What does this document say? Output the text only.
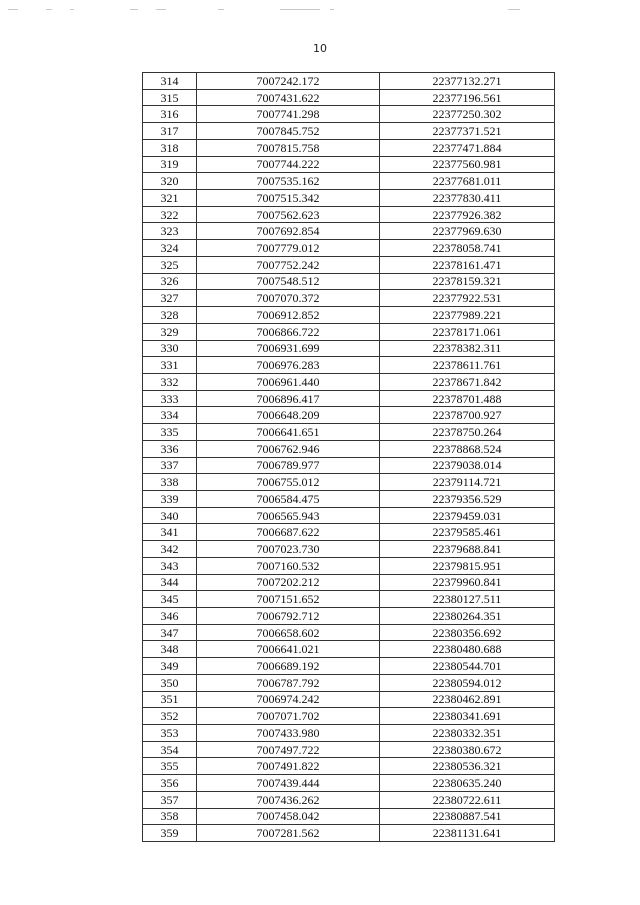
10
314	7007242.172	22377132.271
315	7007431.622	22377196.561
316	7007741.298	22377250.302
317	7007845.752	22377371.521
318	7007815.758	22377471.884
319	7007744.222	22377560.981
320	7007535.162	22377681.011
321	7007515.342	22377830.411
322	7007562.623	22377926.382
323	7007692.854	22377969.630
324	7007779.012	22378058.741
325	7007752.242	22378161.471
326	7007548.512	22378159.321
327	7007070.372	22377922.531
328	7006912.852	22377989.221
329	7006866.722	22378171.061
330	7006931.699	22378382.311
331	7006976.283	22378611.761
332	7006961.440	22378671.842
333	7006896.417	22378701.488
334	7006648.209	22378700.927
335	7006641.651	22378750.264
336	7006762.946	22378868.524
337	7006789.977	22379038.014
338	7006755.012	22379114.721
339	7006584.475	22379356.529
340	7006565.943	22379459.031
341	7006687.622	22379585.461
342	7007023.730	22379688.841
343	7007160.532	22379815.951
344	7007202.212	22379960.841
345	7007151.652	22380127.511
346	7006792.712	22380264.351
347	7006658.602	22380356.692
348	7006641.021	22380480.688
349	7006689.192	22380544.701
350	7006787.792	22380594.012
351	7006974.242	22380462.891
352	7007071.702	22380341.691
353	7007433.980	22380332.351
354	7007497.722	22380380.672
355	7007491.822	22380536.321
356	7007439.444	22380635.240
357	7007436.262	22380722.611
358	7007458.042	22380887.541
359	7007281.562	22381131.641
